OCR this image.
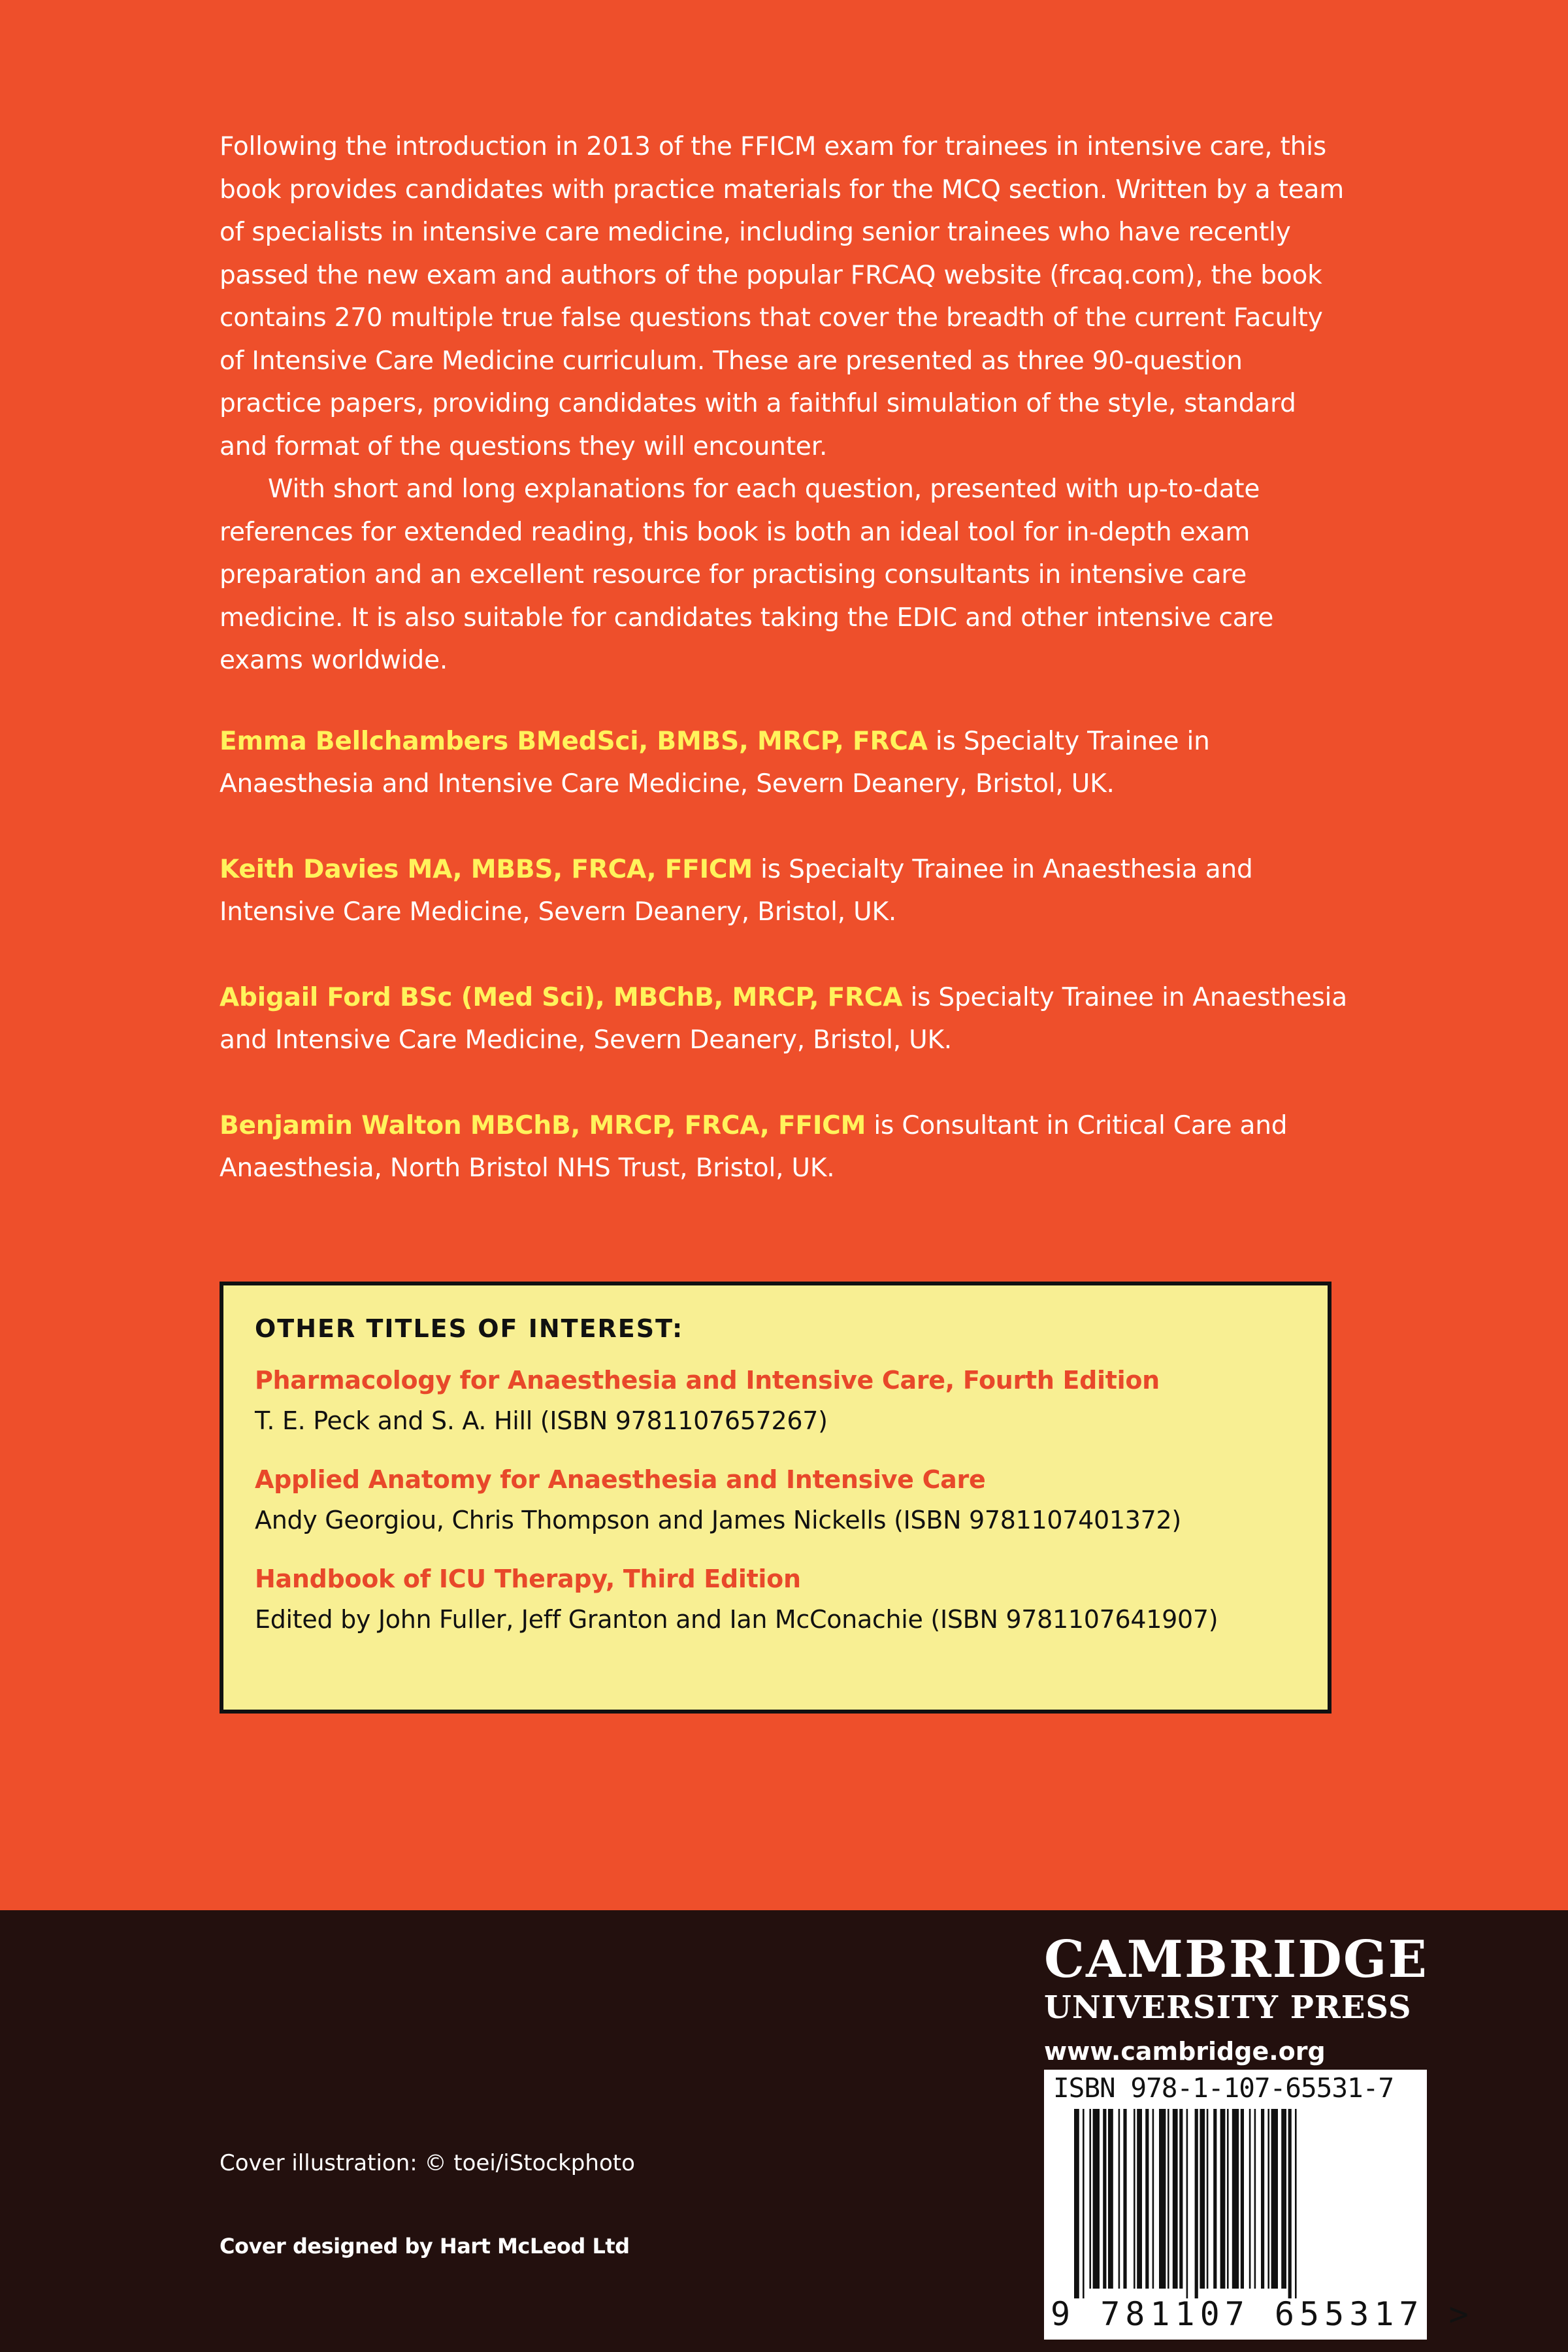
Following the introduction in 2013 of the FFICM exam for trainees in intensive care, this book provides candidates with practice materials for the MCQ section. Written by a team of specialists in intensive care medicine, including senior trainees who have recently passed the new exam and authors of the popular FRCAQ website (frcaq.com), the book contains 270 multiple true false questions that cover the breadth of the current Faculty of Intensive Care Medicine curriculum. These are presented as three 90-question practice papers, providing candidates with a faithful simulation of the style, standard and format of the questions they will encounter.

With short and long explanations for each question, presented with up-to-date references for extended reading, this book is both an ideal tool for in-depth exam preparation and an excellent resource for practising consultants in intensive care medicine. It is also suitable for candidates taking the EDIC and other intensive care exams worldwide.

Emma Bellchambers BMedSci, BMBS, MRCP, FRCA is Specialty Trainee in Anaesthesia and Intensive Care Medicine, Severn Deanery, Bristol, UK.

Keith Davies MA, MBBS, FRCA, FFICM is Specialty Trainee in Anaesthesia and Intensive Care Medicine, Severn Deanery, Bristol, UK.

Abigail Ford BSc (Med Sci), MBChB, MRCP, FRCA is Specialty Trainee in Anaesthesia and Intensive Care Medicine, Severn Deanery, Bristol, UK.

Benjamin Walton MBChB, MRCP, FRCA, FFICM is Consultant in Critical Care and Anaesthesia, North Bristol NHS Trust, Bristol, UK.

OTHER TITLES OF INTEREST:
Pharmacology for Anaesthesia and Intensive Care, Fourth Edition
T. E. Peck and S. A. Hill (ISBN 9781107657267)
Applied Anatomy for Anaesthesia and Intensive Care
Andy Georgiou, Chris Thompson and James Nickells (ISBN 9781107401372)
Handbook of ICU Therapy, Third Edition
Edited by John Fuller, Jeff Granton and Ian McConachie (ISBN 9781107641907)
Cover illustration: © toei/iStockphoto
Cover designed by Hart McLeod Ltd
CAMBRIDGE
UNIVERSITY PRESS
www.cambridge.org
ISBN 978-1-107-65531-7
9 781107 655317 >
